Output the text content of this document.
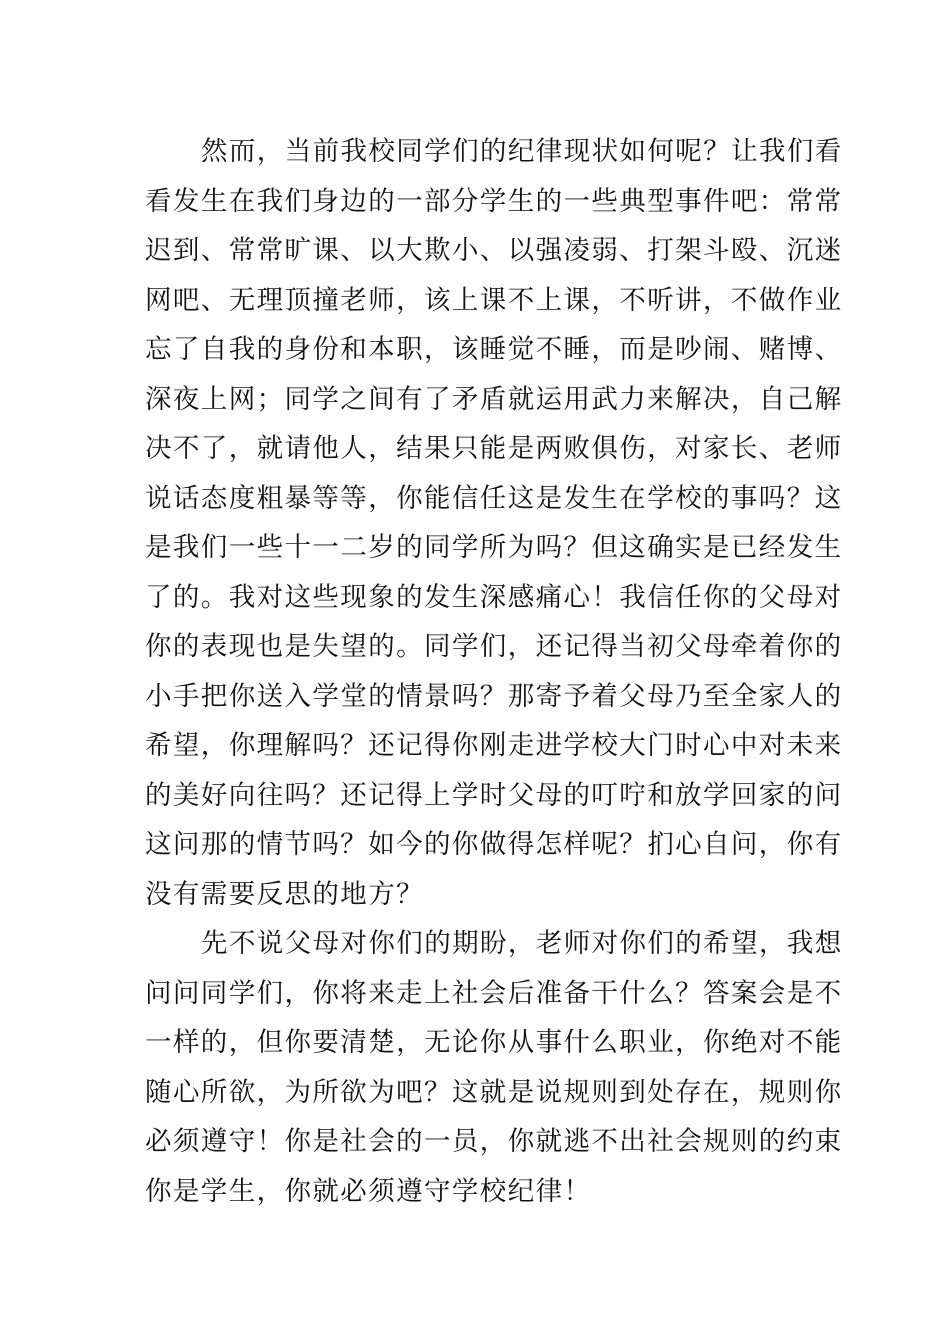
然而，当前我校同学们的纪律现状如何呢？让我们看
看发生在我们身边的一部分学生的一些典型事件吧：常常
迟到、常常旷课、以大欺小、以强凌弱、打架斗殴、沉迷
网吧、无理顶撞老师，该上课不上课，不听讲，不做作业
忘了自我的身份和本职，该睡觉不睡，而是吵闹、赌博、
深夜上网；同学之间有了矛盾就运用武力来解决，自己解
决不了，就请他人，结果只能是两败俱伤，对家长、老师
说话态度粗暴等等，你能信任这是发生在学校的事吗？这
是我们一些十一二岁的同学所为吗？但这确实是已经发生
了的。我对这些现象的发生深感痛心！我信任你的父母对
你的表现也是失望的。同学们，还记得当初父母牵着你的
小手把你送入学堂的情景吗？那寄予着父母乃至全家人的
希望，你理解吗？还记得你刚走进学校大门时心中对未来
的美好向往吗？还记得上学时父母的叮咛和放学回家的问
这问那的情节吗？如今的你做得怎样呢？扪心自问，你有
没有需要反思的地方？
先不说父母对你们的期盼，老师对你们的希望，我想
问问同学们，你将来走上社会后准备干什么？答案会是不
一样的，但你要清楚，无论你从事什么职业，你绝对不能
随心所欲，为所欲为吧？这就是说规则到处存在，规则你
必须遵守！你是社会的一员，你就逃不出社会规则的约束
你是学生，你就必须遵守学校纪律！
